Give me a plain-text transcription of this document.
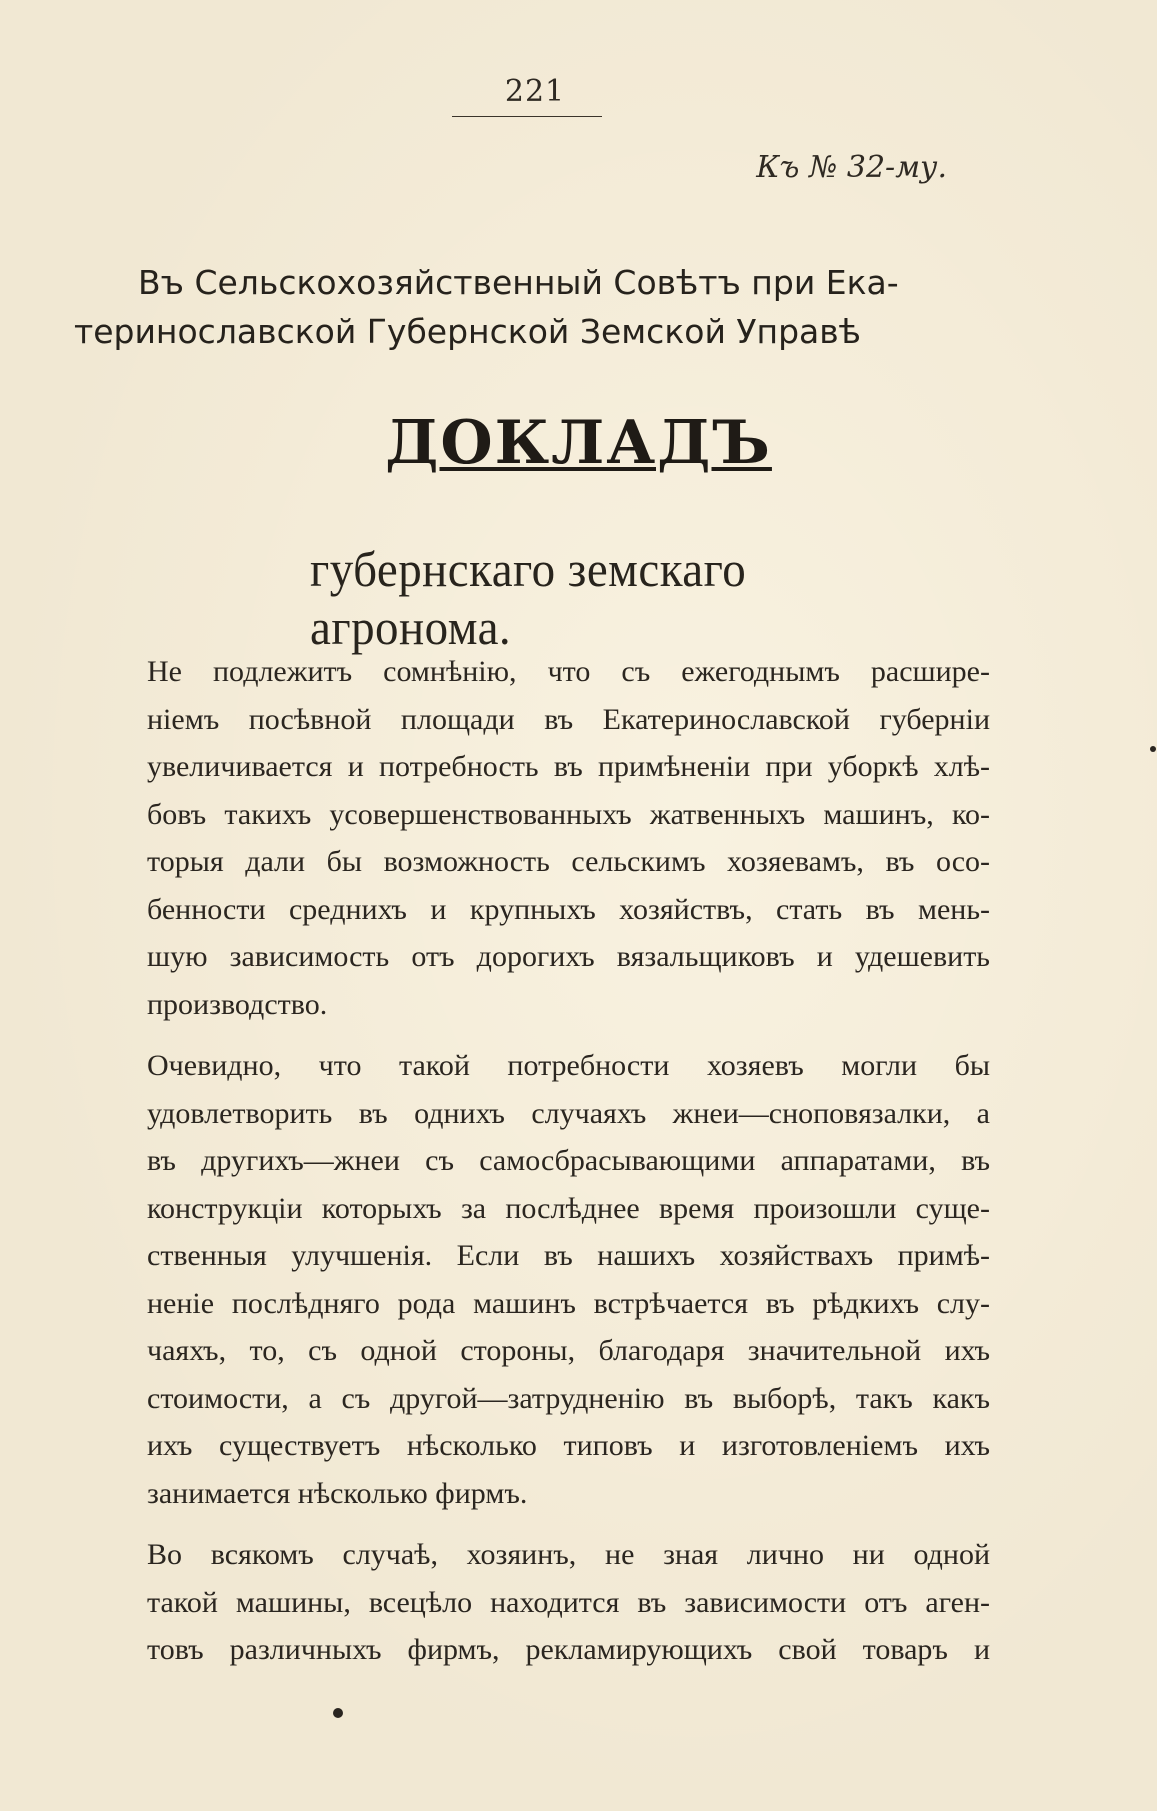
221
Къ № 32-му.
Въ Сельскохозяйственный Совѣтъ при Ека-
теринославской Губернской Земской Управѣ
ДОКЛАДЪ
губернскаго земскаго агронома.

Не подлежитъ сомнѣнію, что съ ежегоднымъ расшире-
ніемъ посѣвной площади въ Екатеринославской губерніи
увеличивается и потребность въ примѣненіи при уборкѣ хлѣ-
бовъ такихъ усовершенствованныхъ жатвенныхъ машинъ, ко-
торыя дали бы возможность сельскимъ хозяевамъ, въ осо-
бенности среднихъ и крупныхъ хозяйствъ, стать въ мень-
шую зависимость отъ дорогихъ вязальщиковъ и удешевить
производство.

Очевидно, что такой потребности хозяевъ могли бы
удовлетворить въ однихъ случаяхъ жнеи—сноповязалки, а
въ другихъ—жнеи съ самосбрасывающими аппаратами, въ
конструкціи которыхъ за послѣднее время произошли суще-
ственныя улучшенія. Если въ нашихъ хозяйствахъ примѣ-
неніе послѣдняго рода машинъ встрѣчается въ рѣдкихъ слу-
чаяхъ, то, съ одной стороны, благодаря значительной ихъ
стоимости, а съ другой—затрудненію въ выборѣ, такъ какъ
ихъ существуетъ нѣсколько типовъ и изготовленіемъ ихъ
занимается нѣсколько фирмъ.

Во всякомъ случаѣ, хозяинъ, не зная лично ни одной
такой машины, всецѣло находится въ зависимости отъ аген-
товъ различныхъ фирмъ, рекламирующихъ свой товаръ и
